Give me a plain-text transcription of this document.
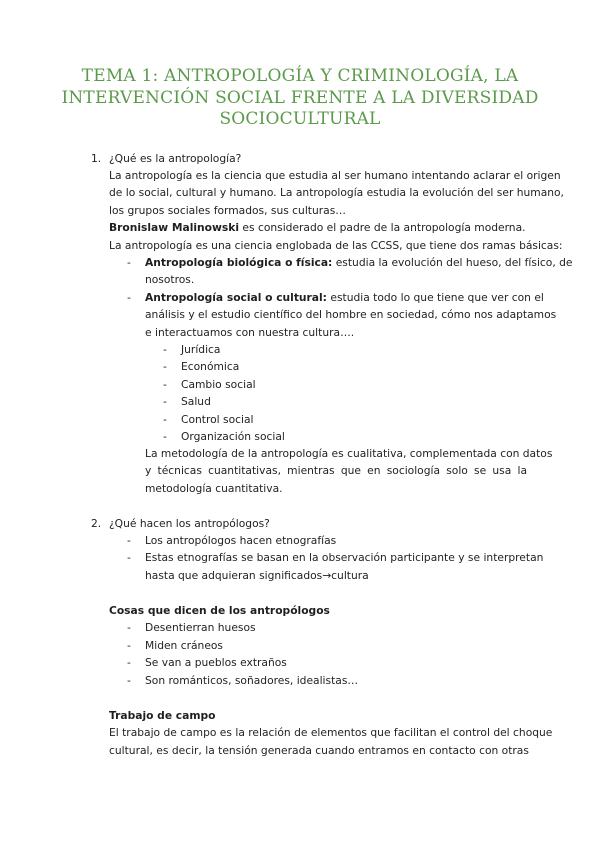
TEMA 1: ANTROPOLOGÍA Y CRIMINOLOGÍA, LA
INTERVENCIÓN SOCIAL FRENTE A LA DIVERSIDAD
SOCIOCULTURAL
1. ¿Qué es la antropología?
La antropología es la ciencia que estudia al ser humano intentando aclarar el origen
de lo social, cultural y humano. La antropología estudia la evolución del ser humano,
los grupos sociales formados, sus culturas…
Bronislaw Malinowski es considerado el padre de la antropología moderna.
La antropología es una ciencia englobada de las CCSS, que tiene dos ramas básicas:
- Antropología biológica o física: estudia la evolución del hueso, del físico, de
nosotros.
- Antropología social o cultural: estudia todo lo que tiene que ver con el
análisis y el estudio científico del hombre en sociedad, cómo nos adaptamos
e interactuamos con nuestra cultura….
- Jurídica
- Económica
- Cambio social
- Salud
- Control social
- Organización social
La metodología de la antropología es cualitativa, complementada con datos
y técnicas cuantitativas, mientras que en sociología solo se usa la
metodología cuantitativa.
2. ¿Qué hacen los antropólogos?
- Los antropólogos hacen etnografías
- Estas etnografías se basan en la observación participante y se interpretan
hasta que adquieran significados→cultura
Cosas que dicen de los antropólogos
- Desentierran huesos
- Miden cráneos
- Se van a pueblos extraños
- Son románticos, soñadores, idealistas…
Trabajo de campo
El trabajo de campo es la relación de elementos que facilitan el control del choque
cultural, es decir, la tensión generada cuando entramos en contacto con otras
